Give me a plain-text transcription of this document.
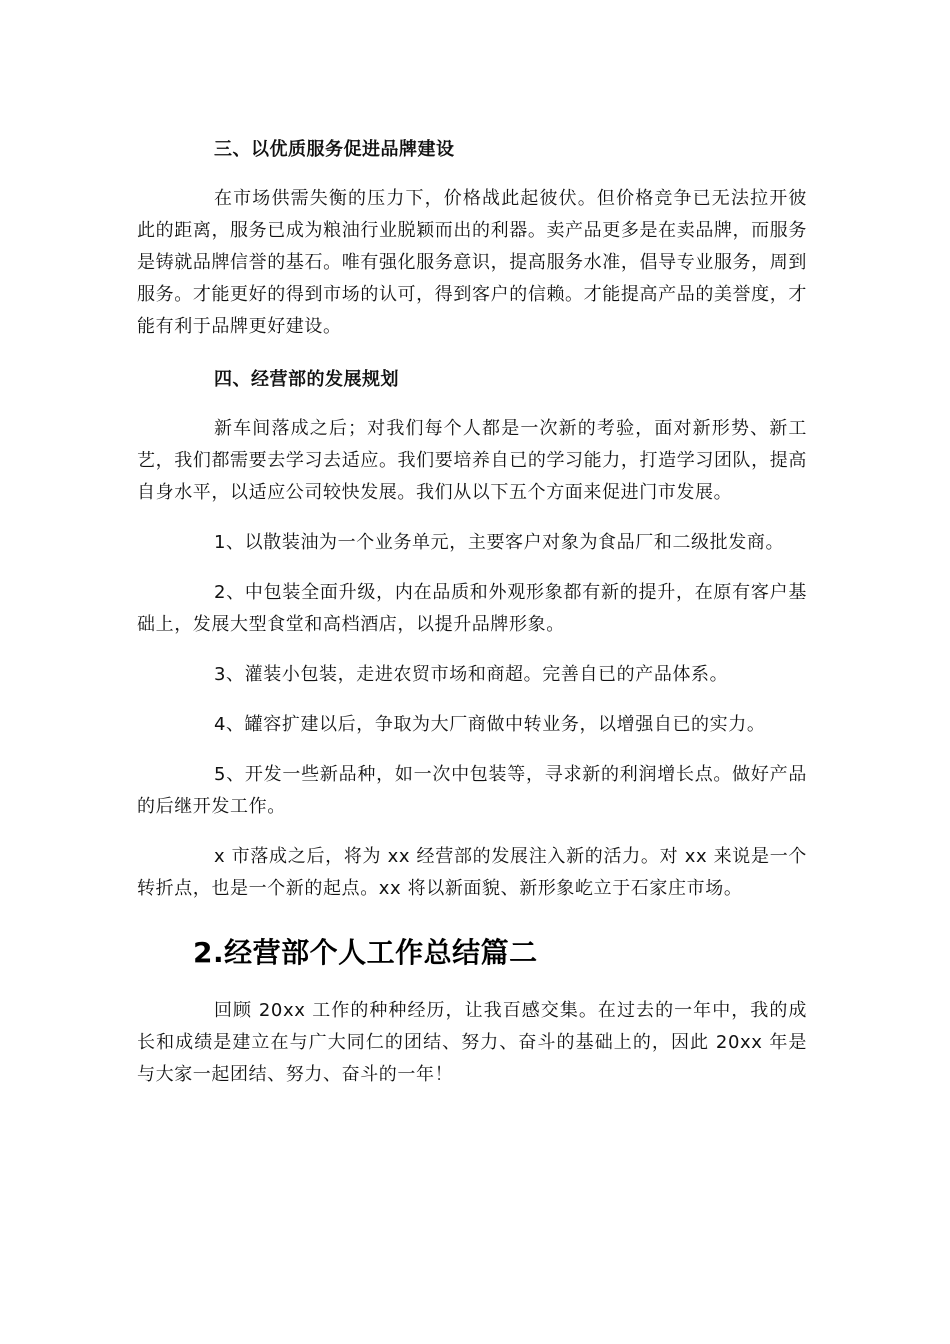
三、以优质服务促进品牌建设

在市场供需失衡的压力下，价格战此起彼伏。但价格竞争已无法拉开彼此的距离，服务已成为粮油行业脱颖而出的利器。卖产品更多是在卖品牌，而服务是铸就品牌信誉的基石。唯有强化服务意识，提高服务水准，倡导专业服务，周到服务。才能更好的得到市场的认可，得到客户的信赖。才能提高产品的美誉度，才能有利于品牌更好建设。

四、经营部的发展规划

新车间落成之后；对我们每个人都是一次新的考验，面对新形势、新工艺，我们都需要去学习去适应。我们要培养自已的学习能力，打造学习团队，提高自身水平，以适应公司较快发展。我们从以下五个方面来促进门市发展。

1、以散装油为一个业务单元，主要客户对象为食品厂和二级批发商。

2、中包装全面升级，内在品质和外观形象都有新的提升，在原有客户基础上，发展大型食堂和高档酒店，以提升品牌形象。

3、灌装小包装，走进农贸市场和商超。完善自已的产品体系。

4、罐容扩建以后，争取为大厂商做中转业务，以增强自已的实力。

5、开发一些新品种，如一次中包装等，寻求新的利润增长点。做好产品的后继开发工作。

x 市落成之后，将为 xx 经营部的发展注入新的活力。对 xx 来说是一个转折点，也是一个新的起点。xx 将以新面貌、新形象屹立于石家庄市场。

2.经营部个人工作总结篇二

回顾 20xx 工作的种种经历，让我百感交集。在过去的一年中，我的成长和成绩是建立在与广大同仁的团结、努力、奋斗的基础上的，因此 20xx 年是与大家一起团结、努力、奋斗的一年！
